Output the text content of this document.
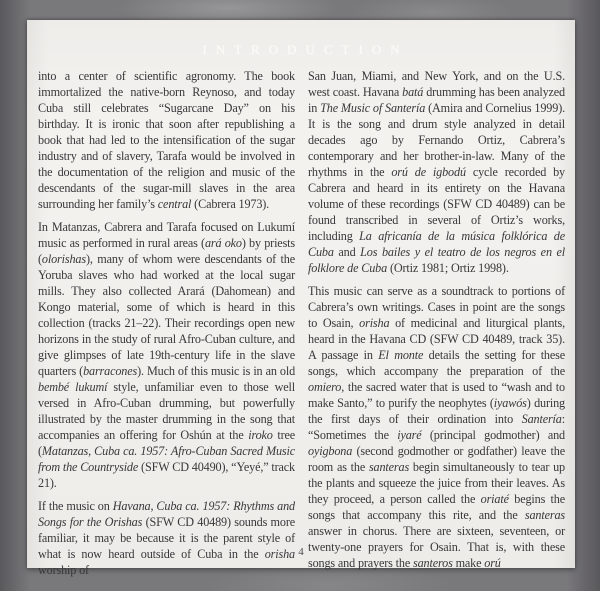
INTRODUCTION

into a center of scientific agronomy. The book immortalized the native-born Reynoso, and today Cuba still celebrates “Sugarcane Day” on his birthday. It is ironic that soon after republishing a book that had led to the intensification of the sugar industry and of slavery, Tarafa would be involved in the documentation of the religion and music of the descendants of the sugar-mill slaves in the area surrounding her family’s central (Cabrera 1973).

In Matanzas, Cabrera and Tarafa focused on Lukumí music as performed in rural areas (ará oko) by priests (olorishas), many of whom were descendants of the Yoruba slaves who had worked at the local sugar mills. They also collected Arará (Dahomean) and Kongo material, some of which is heard in this collection (tracks 21–22). Their recordings open new horizons in the study of rural Afro-Cuban culture, and give glimpses of late 19th-century life in the slave quarters (barracones). Much of this music is in an old bembé lukumí style, unfamiliar even to those well versed in Afro-Cuban drumming, but powerfully illustrated by the master drumming in the song that accompanies an offering for Oshún at the iroko tree (Matanzas, Cuba ca. 1957: Afro-Cuban Sacred Music from the Countryside (SFW CD 40490), “Yeyé,” track 21).

If the music on Havana, Cuba ca. 1957: Rhythms and Songs for the Orishas (SFW CD 40489) sounds more familiar, it may be because it is the parent style of what is now heard outside of Cuba in the orisha worship of

San Juan, Miami, and New York, and on the U.S. west coast. Havana batá drumming has been analyzed in The Music of Santería (Amira and Cornelius 1999). It is the song and drum style analyzed in detail decades ago by Fernando Ortiz, Cabrera’s contemporary and her brother-in-law. Many of the rhythms in the orú de igbodú cycle recorded by Cabrera and heard in its entirety on the Havana volume of these recordings (SFW CD 40489) can be found transcribed in several of Ortiz’s works, including La africanía de la música folklórica de Cuba and Los bailes y el teatro de los negros en el folklore de Cuba (Ortiz 1981; Ortiz 1998).

This music can serve as a soundtrack to portions of Cabrera’s own writings. Cases in point are the songs to Osain, orisha of medicinal and liturgical plants, heard in the Havana CD (SFW CD 40489, track 35). A passage in El monte details the setting for these songs, which accompany the preparation of the omiero, the sacred water that is used to “wash and to make Santo,” to purify the neophytes (iyawós) during the first days of their ordination into Santería: “Sometimes the iyaré (principal godmother) and oyigbona (second godmother or godfather) leave the room as the santeras begin simultaneously to tear up the plants and squeeze the juice from their leaves. As they proceed, a person called the oriaté begins the songs that accompany this rite, and the santeras answer in chorus. There are sixteen, seventeen, or twenty-one prayers for Osain. That is, with these songs and prayers the santeros make orú

4
